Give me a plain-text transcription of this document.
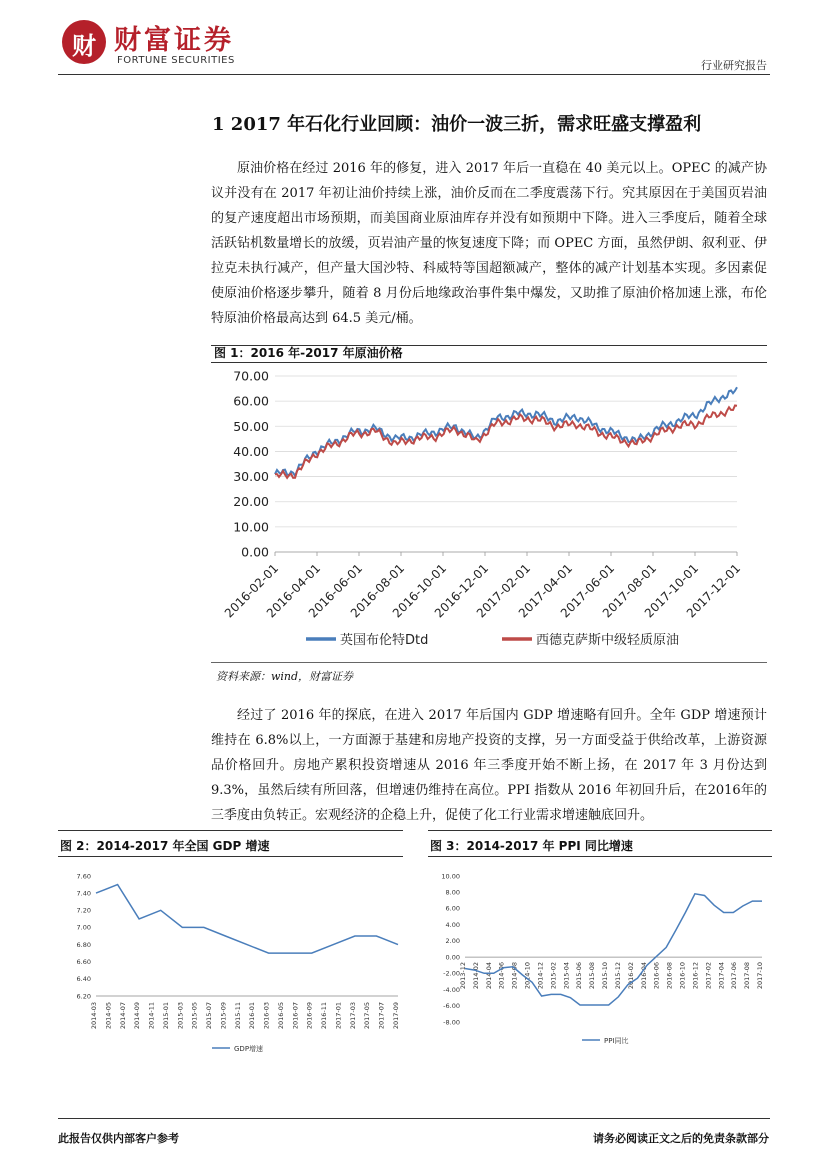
财 财富证券
FORTUNE SECURITIES	行业研究报告
1 2017 年石化行业回顾：油价一波三折，需求旺盛支撑盈利
原油价格在经过 2016 年的修复，进入 2017 年后一直稳在 40 美元以上。OPEC 的减产协议并没有在 2017 年初让油价持续上涨，油价反而在二季度震荡下行。究其原因在于美国页岩油的复产速度超出市场预期，而美国商业原油库存并没有如预期中下降。进入三季度后，随着全球活跃钻机数量增长的放缓，页岩油产量的恢复速度下降；而 OPEC 方面，虽然伊朗、叙利亚、伊拉克未执行减产，但产量大国沙特、科威特等国超额减产，整体的减产计划基本实现。多因素促使原油价格逐步攀升，随着 8 月份后地缘政治事件集中爆发，又助推了原油价格加速上涨，布伦特原油价格最高达到 64.5 美元/桶。
图 1：2016 年-2017 年原油价格
70.00
60.00
50.00
40.00
30.00
20.00
10.00
0.00
2016-02-01
2016-04-01
2016-06-01
2016-08-01
2016-10-01
2016-12-01
2017-02-01
2017-04-01
2017-06-01
2017-08-01
2017-10-01
2017-12-01
英国布伦特Dtd	西德克萨斯中级轻质原油
资料来源：wind，财富证券
经过了 2016 年的探底，在进入 2017 年后国内 GDP 增速略有回升。全年 GDP 增速预计维持在 6.8%以上，一方面源于基建和房地产投资的支撑，另一方面受益于供给改革，上游资源品价格回升。房地产累积投资增速从 2016 年三季度开始不断上扬，在 2017 年 3 月份达到 9.3%，虽然后续有所回落，但增速仍维持在高位。PPI 指数从 2016 年初回升后，在2016年的三季度由负转正。宏观经济的企稳上升，促使了化工行业需求增速触底回升。
图 2：2014-2017 年全国 GDP 增速
7.60
7.40
7.20
7.00
6.80
6.60
6.40
6.20
2014-03 2014-05 2014-07 2014-09 2014-11 2015-01 2015-03 2015-05 2015-07 2015-09 2015-11 2016-01 2016-03 2016-05 2016-07 2016-09 2016-11 2017-01 2017-03 2017-05 2017-07 2017-09
GDP增速
图 3：2014-2017 年 PPI 同比增速
10.00
8.00
6.00
4.00
2.00
0.00
-2.00
-4.00
-6.00
-8.00
2013-12 2014-02 2014-04 2014-06 2014-08 2014-10 2014-12 2015-02 2015-04 2015-06 2015-08 2015-10 2015-12 2016-02 2016-04 2016-06 2016-08 2016-10 2016-12 2017-02 2017-04 2017-06 2017-08 2017-10
PPI同比
此报告仅供内部客户参考	请务必阅读正文之后的免责条款部分
